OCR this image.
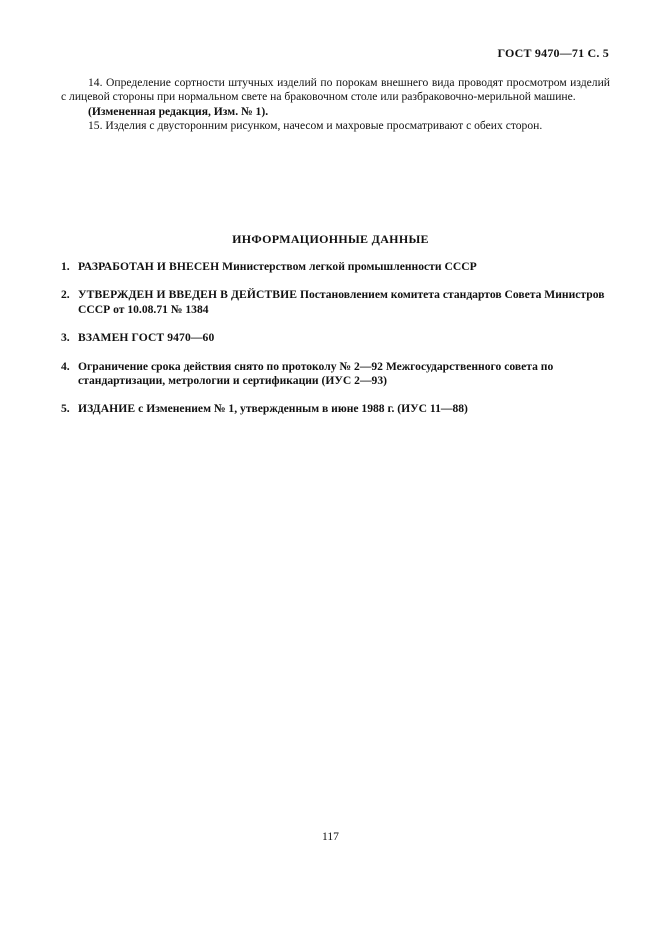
ГОСТ 9470—71 С. 5

14. Определение сортности штучных изделий по порокам внешнего вида проводят просмотром изделий с лицевой стороны при нормальном свете на браковочном столе или разбраковочно-мерильной машине.

(Измененная редакция, Изм. № 1).

15. Изделия с двусторонним рисунком, начесом и махровые просматривают с обеих сторон.

ИНФОРМАЦИОННЫЕ ДАННЫЕ
1. РАЗРАБОТАН И ВНЕСЕН Министерством легкой промышленности СССР
2. УТВЕРЖДЕН И ВВЕДЕН В ДЕЙСТВИЕ Постановлением комитета стандартов Совета Министров СССР от 10.08.71 № 1384
3. ВЗАМЕН ГОСТ 9470—60
4. Ограничение срока действия снято по протоколу № 2—92 Межгосударственного совета по стандартизации, метрологии и сертификации (ИУС 2—93)
5. ИЗДАНИЕ с Изменением № 1, утвержденным в июне 1988 г. (ИУС 11—88)
117
